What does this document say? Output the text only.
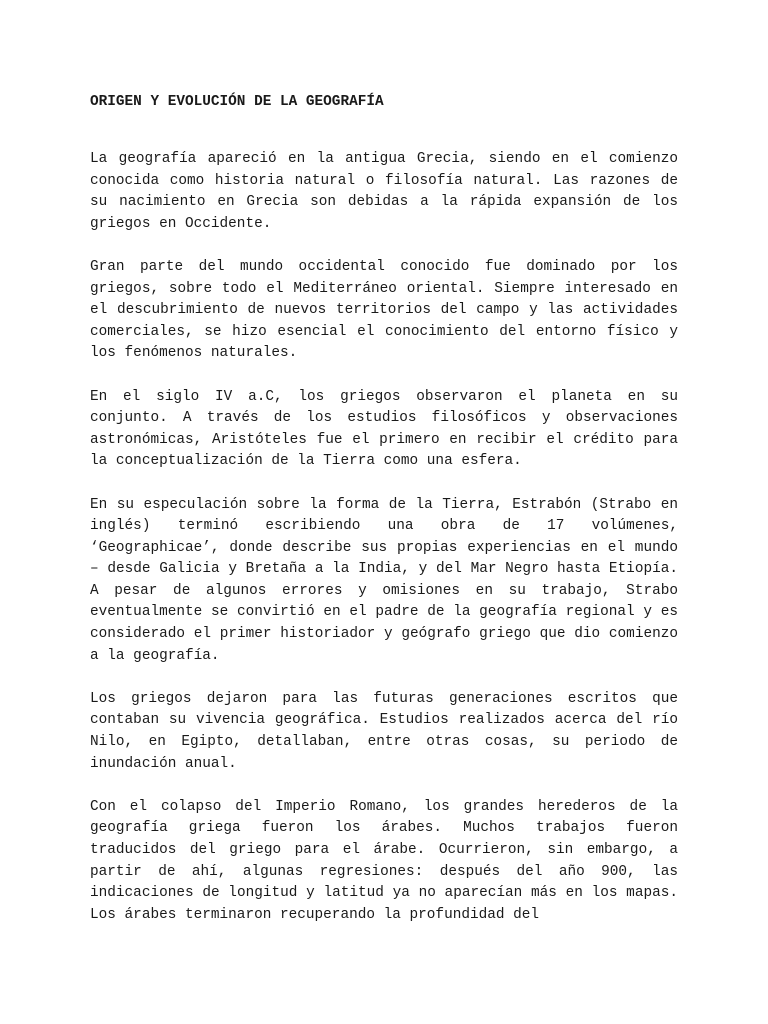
ORIGEN Y EVOLUCIÓN DE LA GEOGRAFÍA

La geografía apareció en la antigua Grecia, siendo en el comienzo conocida como historia natural o filosofía natural. Las razones de su nacimiento en Grecia son debidas a la rápida expansión de los griegos en Occidente.

Gran parte del mundo occidental conocido fue dominado por los griegos, sobre todo el Mediterráneo oriental. Siempre interesado en el descubrimiento de nuevos territorios del campo y las actividades comerciales, se hizo esencial el conocimiento del entorno físico y los fenómenos naturales.

En el siglo IV a.C, los griegos observaron el planeta en su conjunto. A través de los estudios filosóficos y observaciones astronómicas, Aristóteles fue el primero en recibir el crédito para la conceptualización de la Tierra como una esfera.

En su especulación sobre la forma de la Tierra, Estrabón (Strabo en inglés) terminó escribiendo una obra de 17 volúmenes, ‘Geographicae’, donde describe sus propias experiencias en el mundo – desde Galicia y Bretaña a la India, y del Mar Negro hasta Etiopía. A pesar de algunos errores y omisiones en su trabajo, Strabo eventualmente se convirtió en el padre de la geografía regional y es considerado el primer historiador y geógrafo griego que dio comienzo a la geografía.

Los griegos dejaron para las futuras generaciones escritos que contaban su vivencia geográfica. Estudios realizados acerca del río Nilo, en Egipto, detallaban, entre otras cosas, su periodo de inundación anual.

Con el colapso del Imperio Romano, los grandes herederos de la geografía griega fueron los árabes. Muchos trabajos fueron traducidos del griego para el árabe. Ocurrieron, sin embargo, a partir de ahí, algunas regresiones: después del año 900, las indicaciones de longitud y latitud ya no aparecían más en los mapas. Los árabes terminaron recuperando la profundidad del
